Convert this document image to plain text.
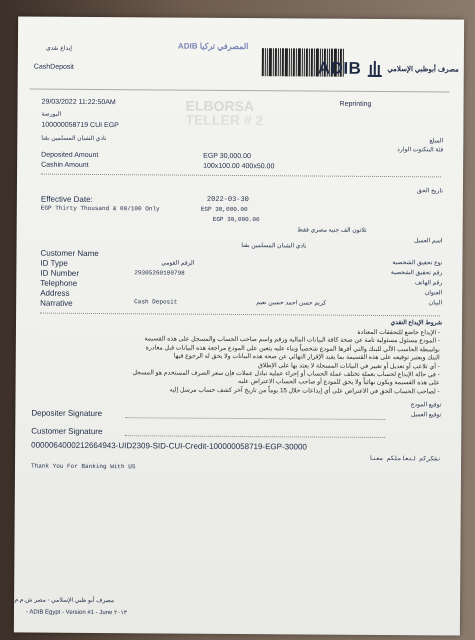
إيداع نقدي
CashDeposit
ADIB المصرفي تركيا
ADIB	مصرف أبوظبي الإسلامي
29/03/2022 11:22:50AM	ELBORSA
TELLER # 2
Reprinting
البورصة
100000058719 CUI EGP
نادي الشبان المسلمين بقنا	المبلغ
فئة البنكنوت الوارد
Deposited Amount	EGP 30,000.00
Cashin Amount	100x100.00 400x50.00
تاريخ الحق
Effective Date:	2022-03-30
EGP Thirty Thousand & 00/100 Only	EGP 30,000.00
EGP 30,000.00
ثلاثون الف جنيه مصري فقط
اسم العميل
نادي الشبان المسلمين بقنا
Customer Name
ID Type	الرقم القومي	نوع تحقيق الشخصية
ID Number	29305260100798	رقم تحقيق الشخصية
Telephone	رقم الهاتف
Address	العنوان
Narrative	Cash Deposit	كريم حسن احمد حسين نعيم	البيان
شروط الإيداع النقدي
- الإيداع خاضع للتحققات المعتادة
- المودع مسئول مسئولية تامة عن صحة كافة البيانات المالية ورقم واسم صاحب الحساب والمسجل على هذه القسيمة
بواسطة الحاسب الآلي للبنك والتي أقرها المودع شخصياً وبناء عليه يتعين على المودع مراجعة هذه البيانات قبل مغادرة
البنك ويعتبر توقيعه على هذه القسيمة بما يفيد الإقرار النهائي عن صحة هذه البيانات ولا يحق له الرجوع فيها
- أي تلاعب أو تعديل أو تغيير في البيانات المسجلة لا يعتد بها على الإطلاق
- في حالة الإيداع لحساب بعملة تختلف عملة الحساب أو إجراء عملية تبادل عملات فإن سعر الصرف المستخدم هو المسجل
على هذه القسيمة ويكون نهائياً ولا يحق للمودع أو صاحب الحساب الاعتراض عليه
- لصاحب الحساب الحق في الاعتراض على أي إيداعات خلال 15 يوماً من تاريخ آخر كشف حساب مرسل إليه
توقيع المودع
Depositer Signature	توقيع العميل
Customer Signature
0000064000212664943-UID2309-SID-CUI-Credit-100000058719-EGP-30000
نشكركم لتعاملكم معنا
Thank You For Banking With US
مصرف أبو ظبي الإسلامي - مصر ش.م.م
- ADIB Egypt - Version #1 - June ٢٠١٣
